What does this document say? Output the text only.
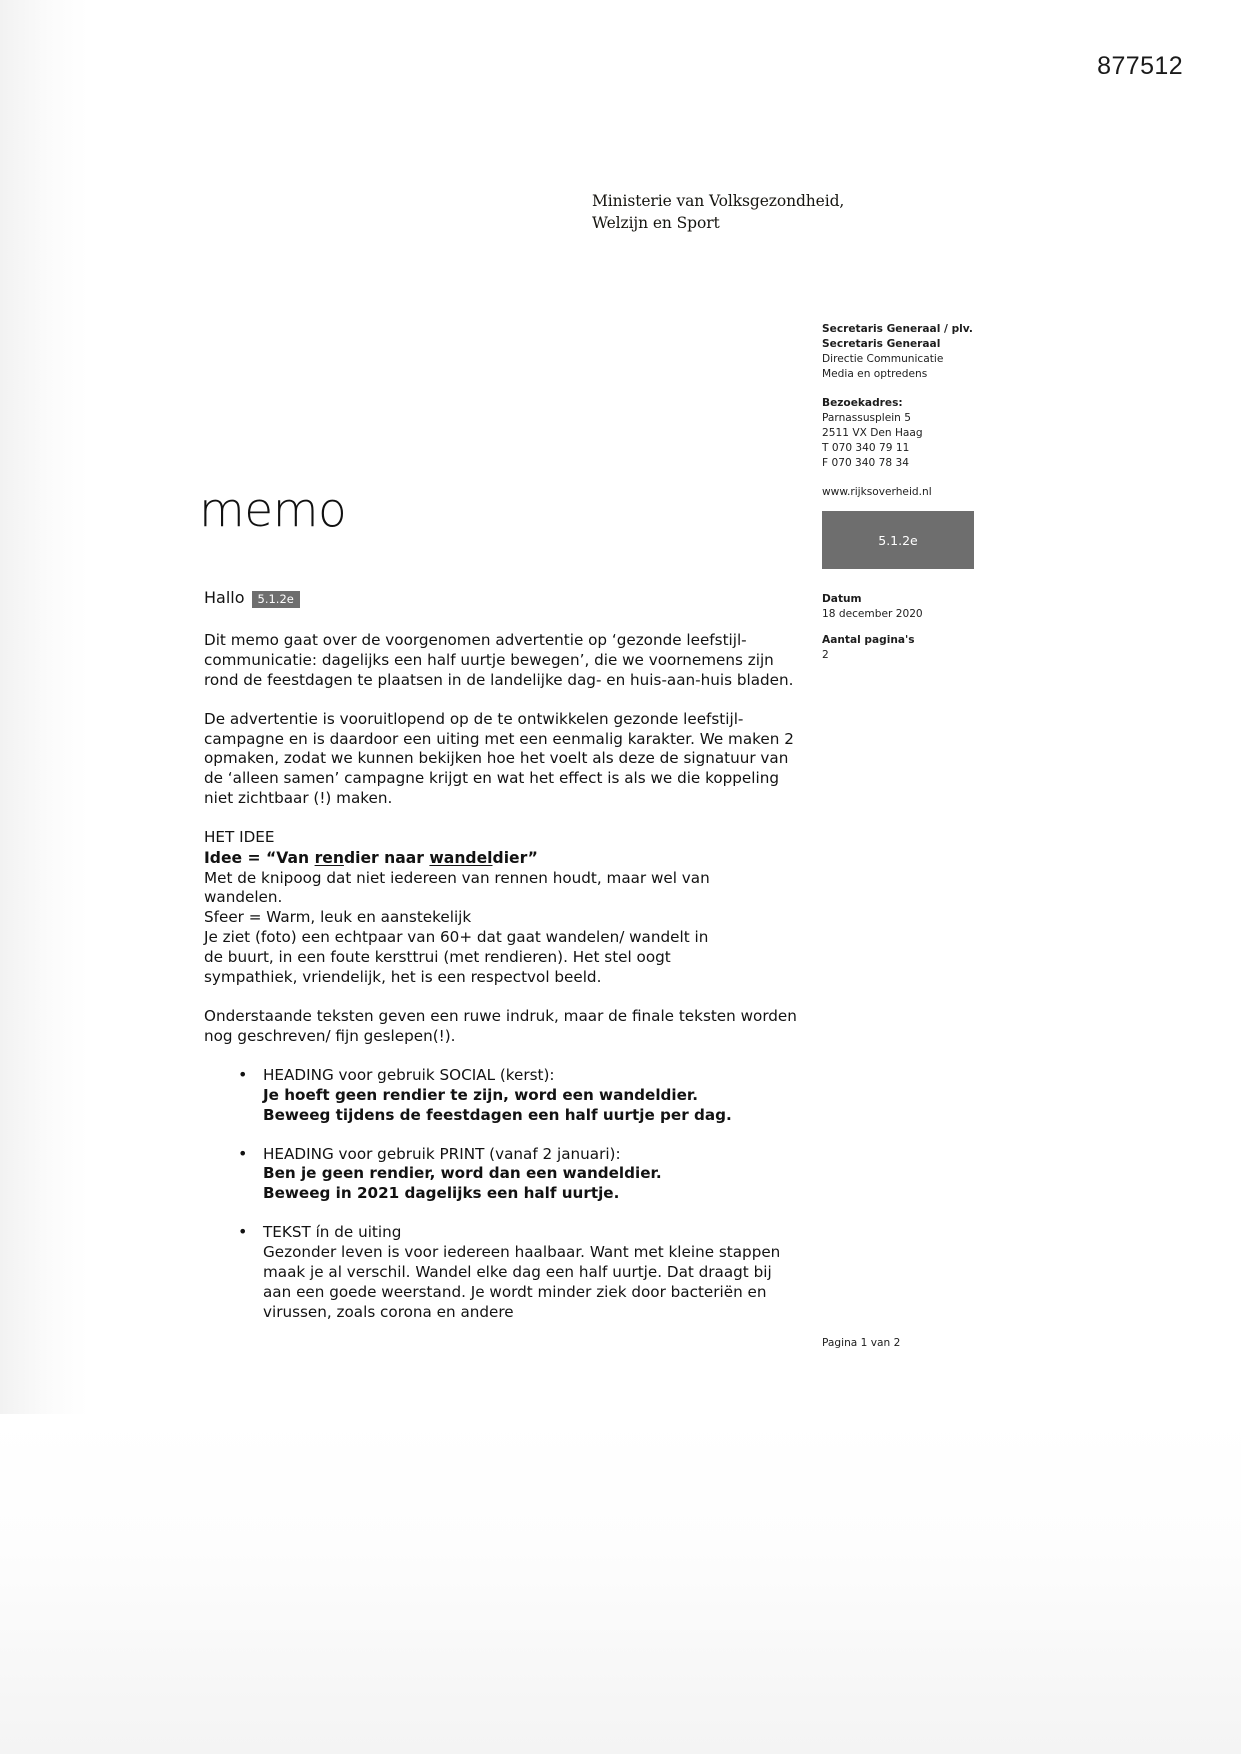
877512
Ministerie van Volksgezondheid,
Welzijn en Sport
Secretaris Generaal / plv.
Secretaris Generaal
Directie Communicatie
Media en optredens
Bezoekadres:
Parnassusplein 5
2511 VX Den Haag
T 070 340 79 11
F 070 340 78 34
www.rijksoverheid.nl
5.1.2e
Datum
18 december 2020
Aantal pagina's
2
memo
Hallo	5.1.2e

Dit memo gaat over de voorgenomen advertentie op ‘gezonde leefstijl-communicatie: dagelijks een half uurtje bewegen’, die we voornemens zijn rond de feestdagen te plaatsen in de landelijke dag- en huis-aan-huis bladen.

De advertentie is vooruitlopend op de te ontwikkelen gezonde leefstijl-campagne en is daardoor een uiting met een eenmalig karakter. We maken 2 opmaken, zodat we kunnen bekijken hoe het voelt als deze de signatuur van de ‘alleen samen’ campagne krijgt en wat het effect is als we die koppeling niet zichtbaar (!) maken.

HET IDEE
Idee = “Van rendier naar wandeldier”
Met de knipoog dat niet iedereen van rennen houdt, maar wel van
wandelen.
Sfeer = Warm, leuk en aanstekelijk
Je ziet (foto) een echtpaar van 60+ dat gaat wandelen/ wandelt in
de buurt, in een foute kersttrui (met rendieren). Het stel oogt
sympathiek, vriendelijk, het is een respectvol beeld.

Onderstaande teksten geven een ruwe indruk, maar de finale teksten worden nog geschreven/ fijn geslepen(!).

• HEADING voor gebruik SOCIAL (kerst):
Je hoeft geen rendier te zijn, word een wandeldier.
Beweeg tijdens de feestdagen een half uurtje per dag.
• HEADING voor gebruik PRINT (vanaf 2 januari):
Ben je geen rendier, word dan een wandeldier.
Beweeg in 2021 dagelijks een half uurtje.
• TEKST ín de uiting
Gezonder leven is voor iedereen haalbaar. Want met kleine stappen maak je al verschil. Wandel elke dag een half uurtje. Dat draagt bij aan een goede weerstand. Je wordt minder ziek door bacteriën en virussen, zoals corona en andere
Pagina 1 van 2
